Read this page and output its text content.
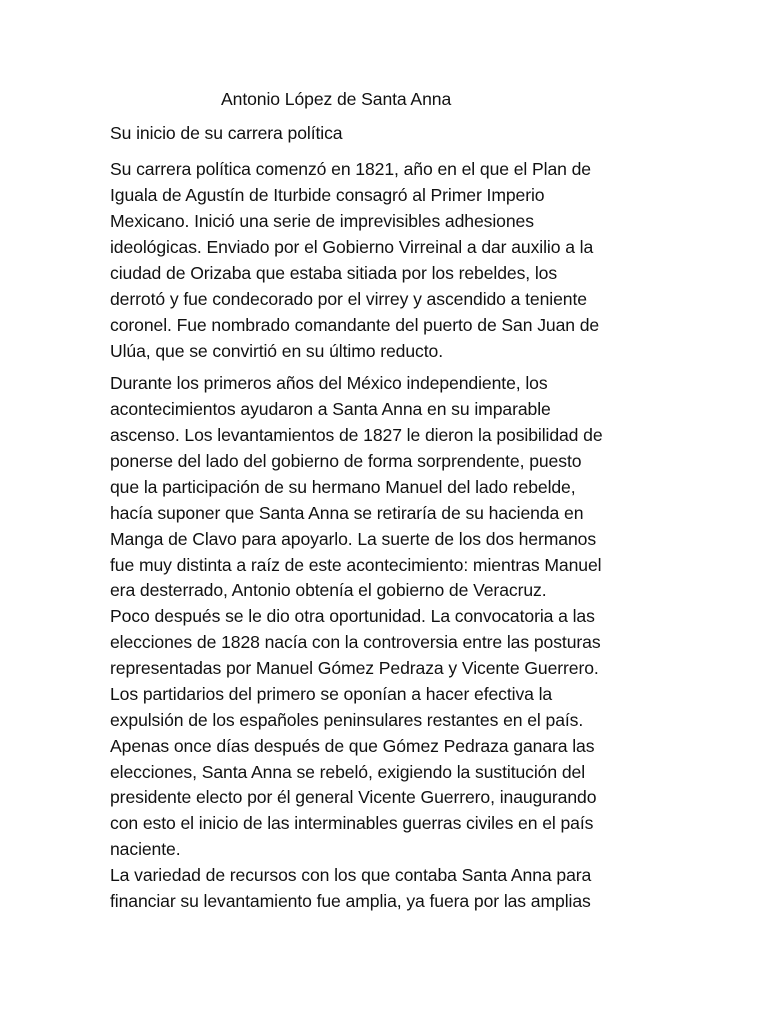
Antonio López de Santa Anna
Su inicio de su carrera política
Su carrera política comenzó en 1821, año en el que el Plan de
Iguala de Agustín de Iturbide consagró al Primer Imperio
Mexicano. Inició una serie de imprevisibles adhesiones
ideológicas. Enviado por el Gobierno Virreinal a dar auxilio a la
ciudad de Orizaba que estaba sitiada por los rebeldes, los
derrotó y fue condecorado por el virrey y ascendido a teniente
coronel. Fue nombrado comandante del puerto de San Juan de
Ulúa, que se convirtió en su último reducto.
Durante los primeros años del México independiente, los
acontecimientos ayudaron a Santa Anna en su imparable
ascenso. Los levantamientos de 1827 le dieron la posibilidad de
ponerse del lado del gobierno de forma sorprendente, puesto
que la participación de su hermano Manuel del lado rebelde,
hacía suponer que Santa Anna se retiraría de su hacienda en
Manga de Clavo para apoyarlo. La suerte de los dos hermanos
fue muy distinta a raíz de este acontecimiento: mientras Manuel
era desterrado, Antonio obtenía el gobierno de Veracruz.
Poco después se le dio otra oportunidad. La convocatoria a las
elecciones de 1828 nacía con la controversia entre las posturas
representadas por Manuel Gómez Pedraza y Vicente Guerrero.
Los partidarios del primero se oponían a hacer efectiva la
expulsión de los españoles peninsulares restantes en el país.
Apenas once días después de que Gómez Pedraza ganara las
elecciones, Santa Anna se rebeló, exigiendo la sustitución del
presidente electo por él general Vicente Guerrero, inaugurando
con esto el inicio de las interminables guerras civiles en el país
naciente.
La variedad de recursos con los que contaba Santa Anna para
financiar su levantamiento fue amplia, ya fuera por las amplias
